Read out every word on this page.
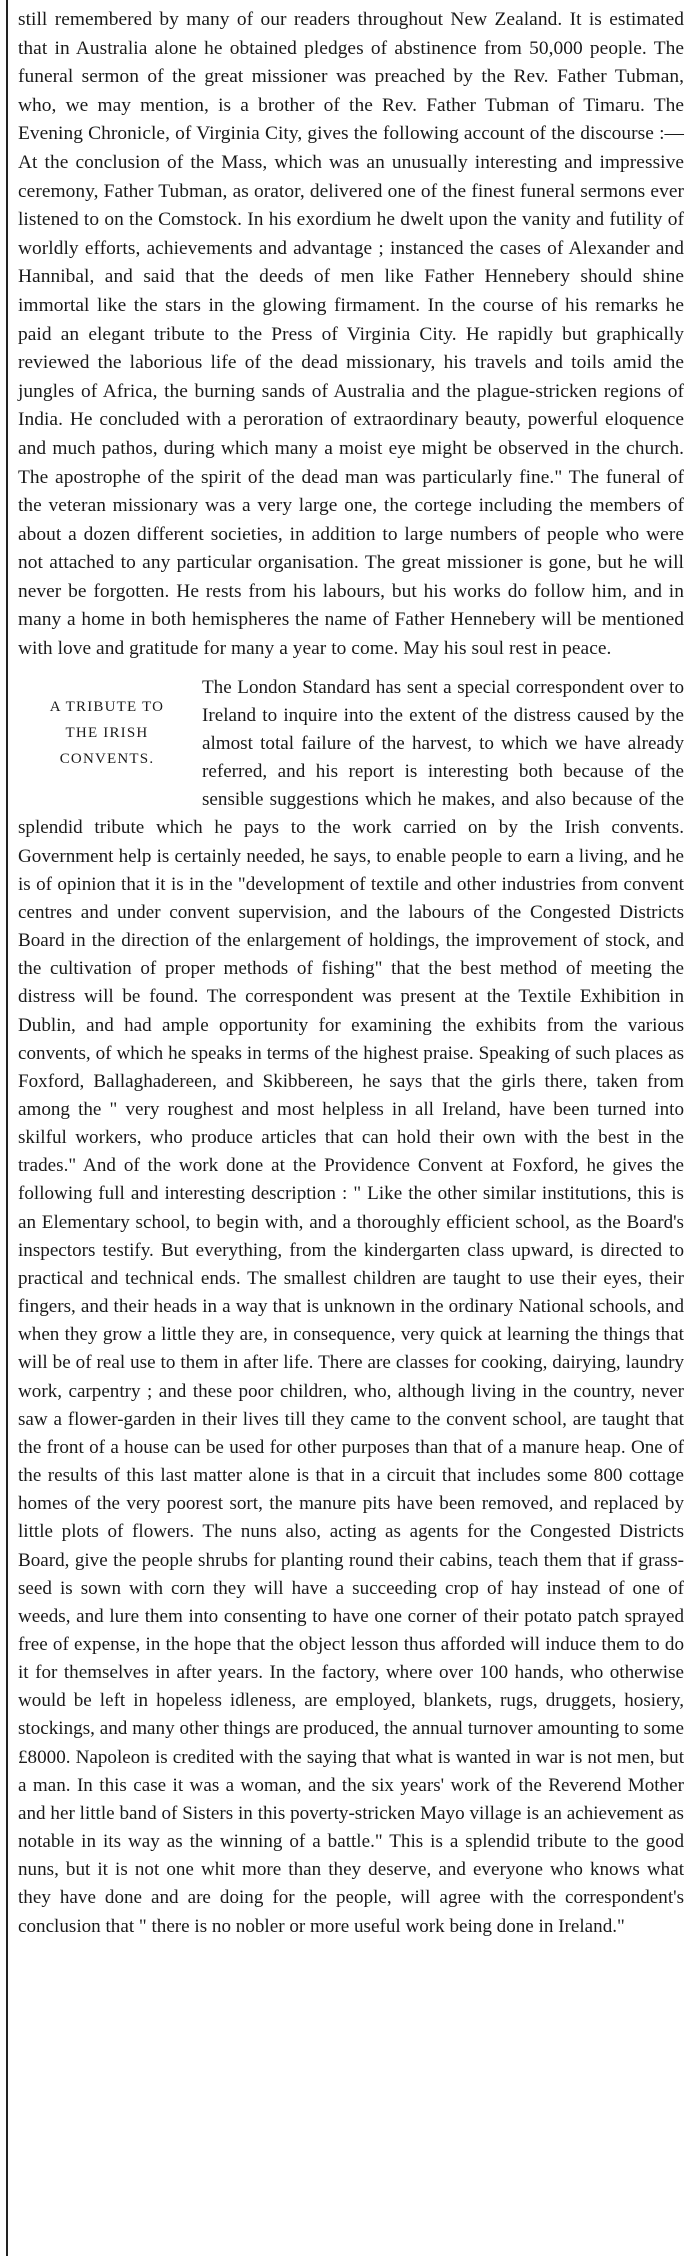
still remembered by many of our readers throughout New Zealand. It is estimated that in Australia alone he obtained pledges of abstinence from 50,000 people. The funeral sermon of the great missioner was preached by the Rev. Father Tubman, who, we may mention, is a brother of the Rev. Father Tubman of Timaru. The Evening Chronicle, of Virginia City, gives the following account of the discourse :—At the conclusion of the Mass, which was an unusually interesting and impressive ceremony, Father Tubman, as orator, delivered one of the finest funeral sermons ever listened to on the Comstock. In his exordium he dwelt upon the vanity and futility of worldly efforts, achievements and advantage ; instanced the cases of Alexander and Hannibal, and said that the deeds of men like Father Hennebery should shine immortal like the stars in the glowing firmament. In the course of his remarks he paid an elegant tribute to the Press of Virginia City. He rapidly but graphically reviewed the laborious life of the dead missionary, his travels and toils amid the jungles of Africa, the burning sands of Australia and the plague-stricken regions of India. He concluded with a peroration of extraordinary beauty, powerful eloquence and much pathos, during which many a moist eye might be observed in the church. The apostrophe of the spirit of the dead man was particularly fine." The funeral of the veteran missionary was a very large one, the cortege including the members of about a dozen different societies, in addition to large numbers of people who were not attached to any particular organisation. The great missioner is gone, but he will never be forgotten. He rests from his labours, but his works do follow him, and in many a home in both hemispheres the name of Father Hennebery will be mentioned with love and gratitude for many a year to come. May his soul rest in peace.

A TRIBUTE TO
THE IRISH
CONVENTS.

The London Standard has sent a special correspondent over to Ireland to inquire into the extent of the distress caused by the almost total failure of the harvest, to which we have already referred, and his report is interesting both because of the sensible suggestions which he makes, and also because of the splendid tribute which he pays to the work carried on by the Irish convents. Government help is certainly needed, he says, to enable people to earn a living, and he is of opinion that it is in the "development of textile and other industries from convent centres and under convent supervision, and the labours of the Congested Districts Board in the direction of the enlargement of holdings, the improvement of stock, and the cultivation of proper methods of fishing" that the best method of meeting the distress will be found. The correspondent was present at the Textile Exhibition in Dublin, and had ample opportunity for examining the exhibits from the various convents, of which he speaks in terms of the highest praise. Speaking of such places as Foxford, Ballaghadereen, and Skibbereen, he says that the girls there, taken from among the " very roughest and most helpless in all Ireland, have been turned into skilful workers, who produce articles that can hold their own with the best in the trades." And of the work done at the Providence Convent at Foxford, he gives the following full and interesting description : " Like the other similar institutions, this is an Elementary school, to begin with, and a thoroughly efficient school, as the Board's inspectors testify. But everything, from the kindergarten class upward, is directed to practical and technical ends. The smallest children are taught to use their eyes, their fingers, and their heads in a way that is unknown in the ordinary National schools, and when they grow a little they are, in consequence, very quick at learning the things that will be of real use to them in after life. There are classes for cooking, dairying, laundry work, carpentry ; and these poor children, who, although living in the country, never saw a flower-garden in their lives till they came to the convent school, are taught that the front of a house can be used for other purposes than that of a manure heap. One of the results of this last matter alone is that in a circuit that includes some 800 cottage homes of the very poorest sort, the manure pits have been removed, and replaced by little plots of flowers. The nuns also, acting as agents for the Congested Districts Board, give the people shrubs for planting round their cabins, teach them that if grass-seed is sown with corn they will have a succeeding crop of hay instead of one of weeds, and lure them into consenting to have one corner of their potato patch sprayed free of expense, in the hope that the object lesson thus afforded will induce them to do it for themselves in after years. In the factory, where over 100 hands, who otherwise would be left in hopeless idleness, are employed, blankets, rugs, druggets, hosiery, stockings, and many other things are produced, the annual turnover amounting to some £8000. Napoleon is credited with the saying that what is wanted in war is not men, but a man. In this case it was a woman, and the six years' work of the Reverend Mother and her little band of Sisters in this poverty-stricken Mayo village is an achievement as notable in its way as the winning of a battle." This is a splendid tribute to the good nuns, but it is not one whit more than they deserve, and everyone who knows what they have done and are doing for the people, will agree with the correspondent's conclusion that " there is no nobler or more useful work being done in Ireland."
